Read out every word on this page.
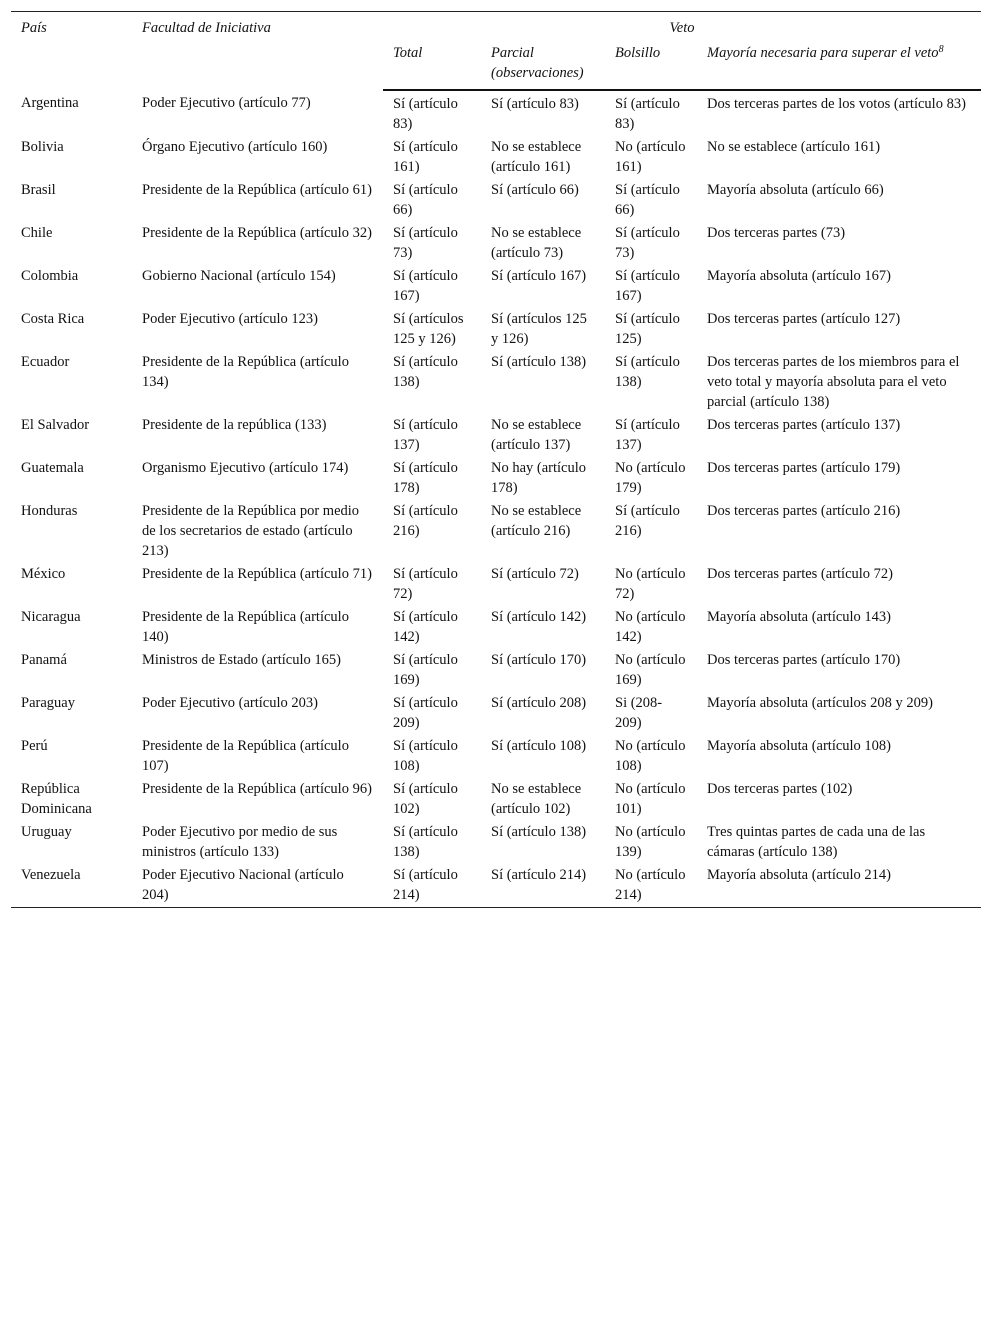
País	Facultad de Iniciativa	Veto			
		Total	Parcial (observaciones)	Bolsillo	Mayoría necesaria para superar el veto$^8$
Argentina	Poder Ejecutivo (artículo 77)	Sí (artículo 83)	Sí (artículo 83)	Sí (artículo 83)	Dos terceras partes de los votos (artículo 83)
Bolivia	Órgano Ejecutivo (artículo 160)	Sí (artículo 161)	No se establece (artículo 161)	No (artículo 161)	No se establece (artículo 161)
Brasil	Presidente de la República (artículo 61)	Sí (artículo 66)	Sí (artículo 66)	Sí (artículo 66)	Mayoría absoluta (artículo 66)
Chile	Presidente de la República (artículo 32)	Sí (artículo 73)	No se establece (artículo 73)	Sí (artículo 73)	Dos terceras partes (73)
Colombia	Gobierno Nacional (artículo 154)	Sí (artículo 167)	Sí (artículo 167)	Sí (artículo 167)	Mayoría absoluta (artículo 167)
Costa Rica	Poder Ejecutivo (artículo 123)	Sí (artículos 125 y 126)	Sí (artículos 125 y 126)	Sí (artículo 125)	Dos terceras partes (artículo 127)
Ecuador	Presidente de la República (artículo 134)	Sí (artículo 138)	Sí (artículo 138)	Sí (artículo 138)	Dos terceras partes de los miembros para el veto total y mayoría absoluta para el veto parcial (artículo 138)
El Salvador	Presidente de la república (133)	Sí (artículo 137)	No se establece (artículo 137)	Sí (artículo 137)	Dos terceras partes (artículo 137)
Guatemala	Organismo Ejecutivo (artículo 174)	Sí (artículo 178)	No hay (artículo 178)	No (artículo 179)	Dos terceras partes (artículo 179)
Honduras	Presidente de la República por medio de los secretarios de estado (artículo 213)	Sí (artículo 216)	No se establece (artículo 216)	Sí (artículo 216)	Dos terceras partes (artículo 216)
México	Presidente de la República (artículo 71)	Sí (artículo 72)	Sí (artículo 72)	No (artículo 72)	Dos terceras partes (artículo 72)
Nicaragua	Presidente de la República (artículo 140)	Sí (artículo 142)	Sí (artículo 142)	No (artículo 142)	Mayoría absoluta (artículo 143)
Panamá	Ministros de Estado (artículo 165)	Sí (artículo 169)	Sí (artículo 170)	No (artículo 169)	Dos terceras partes (artículo 170)
Paraguay	Poder Ejecutivo (artículo 203)	Sí (artículo 209)	Sí (artículo 208)	Si (208-209)	Mayoría absoluta (artículos 208 y 209)
Perú	Presidente de la República (artículo 107)	Sí (artículo 108)	Sí (artículo 108)	No (artículo 108)	Mayoría absoluta (artículo 108)
República Dominicana	Presidente de la República (artículo 96)	Sí (artículo 102)	No se establece (artículo 102)	No (artículo 101)	Dos terceras partes (102)
Uruguay	Poder Ejecutivo por medio de sus ministros (artículo 133)	Sí (artículo 138)	Sí (artículo 138)	No (artículo 139)	Tres quintas partes de cada una de las cámaras (artículo 138)
Venezuela	Poder Ejecutivo Nacional (artículo 204)	Sí (artículo 214)	Sí (artículo 214)	No (artículo 214)	Mayoría absoluta (artículo 214)
